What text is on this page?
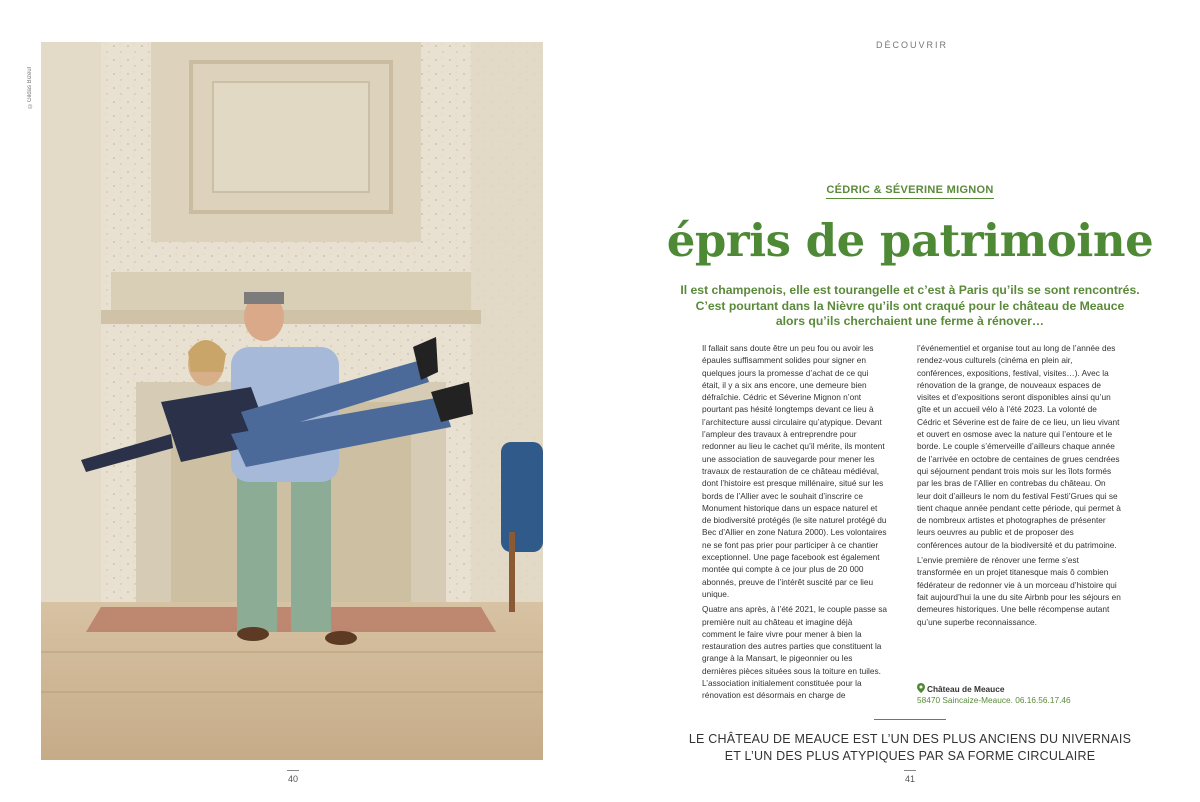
©Gildas Bizeul
40
DÉCOUVRIR
CÉDRIC & SÉVERINE MIGNON
épris de patrimoine
Il est champenois, elle est tourangelle et c’est à Paris qu’ils se sont rencontrés.
C’est pourtant dans la Nièvre qu’ils ont craqué pour le château de Meauce
alors qu’ils cherchaient une ferme à rénover…

Il fallait sans doute être un peu fou ou avoir les épaules suffisamment solides pour signer en quelques jours la promesse d’achat de ce qui était, il y a six ans encore, une demeure bien défraîchie. Cédric et Séverine Mignon n’ont pourtant pas hésité longtemps devant ce lieu à l’architecture aussi circulaire qu’atypique. Devant l’ampleur des travaux à entreprendre pour redonner au lieu le cachet qu’il mérite, ils montent une association de sauvegarde pour mener les travaux de restauration de ce château médiéval, dont l’histoire est presque millénaire, situé sur les bords de l’Allier avec le souhait d’inscrire ce Monument historique dans un espace naturel et de biodiversité protégés (le site naturel protégé du Bec d’Allier en zone Natura 2000). Les volontaires ne se font pas prier pour participer à ce chantier exceptionnel. Une page facebook est également montée qui compte à ce jour plus de 20 000 abonnés, preuve de l’intérêt suscité par ce lieu unique.

Quatre ans après, à l’été 2021, le couple passe sa première nuit au château et imagine déjà comment le faire vivre pour mener à bien la restauration des autres parties que constituent la grange à la Mansart, le pigeonnier ou les dernières pièces situées sous la toiture en tuiles. L’association initialement constituée pour la rénovation est désormais en charge de

l’événementiel et organise tout au long de l’année des rendez-vous culturels (cinéma en plein air, conférences, expositions, festival, visites…). Avec la rénovation de la grange, de nouveaux espaces de visites et d’expositions seront disponibles ainsi qu’un gîte et un accueil vélo à l’été 2023. La volonté de Cédric et Séverine est de faire de ce lieu, un lieu vivant et ouvert en osmose avec la nature qui l’entoure et le borde. Le couple s’émerveille d’ailleurs chaque année de l’arrivée en octobre de centaines de grues cendrées qui séjournent pendant trois mois sur les îlots formés par les bras de l’Allier en contrebas du château. On leur doit d’ailleurs le nom du festival Festi’Grues qui se tient chaque année pendant cette période, qui permet à de nombreux artistes et photographes de présenter leurs oeuvres au public et de proposer des conférences autour de la biodiversité et du patrimoine.

L’envie première de rénover une ferme s’est transformée en un projet titanesque mais ô combien fédérateur de redonner vie à un morceau d’histoire qui fait aujourd’hui la une du site Airbnb pour les séjours en demeures historiques. Une belle récompense autant qu’une superbe reconnaissance.

Château de Meauce
58470 Saincaize-Meauce. 06.16.56.17.46
LE CHÂTEAU DE MEAUCE EST L’UN DES PLUS ANCIENS DU NIVERNAIS
ET L’UN DES PLUS ATYPIQUES PAR SA FORME CIRCULAIRE
41
